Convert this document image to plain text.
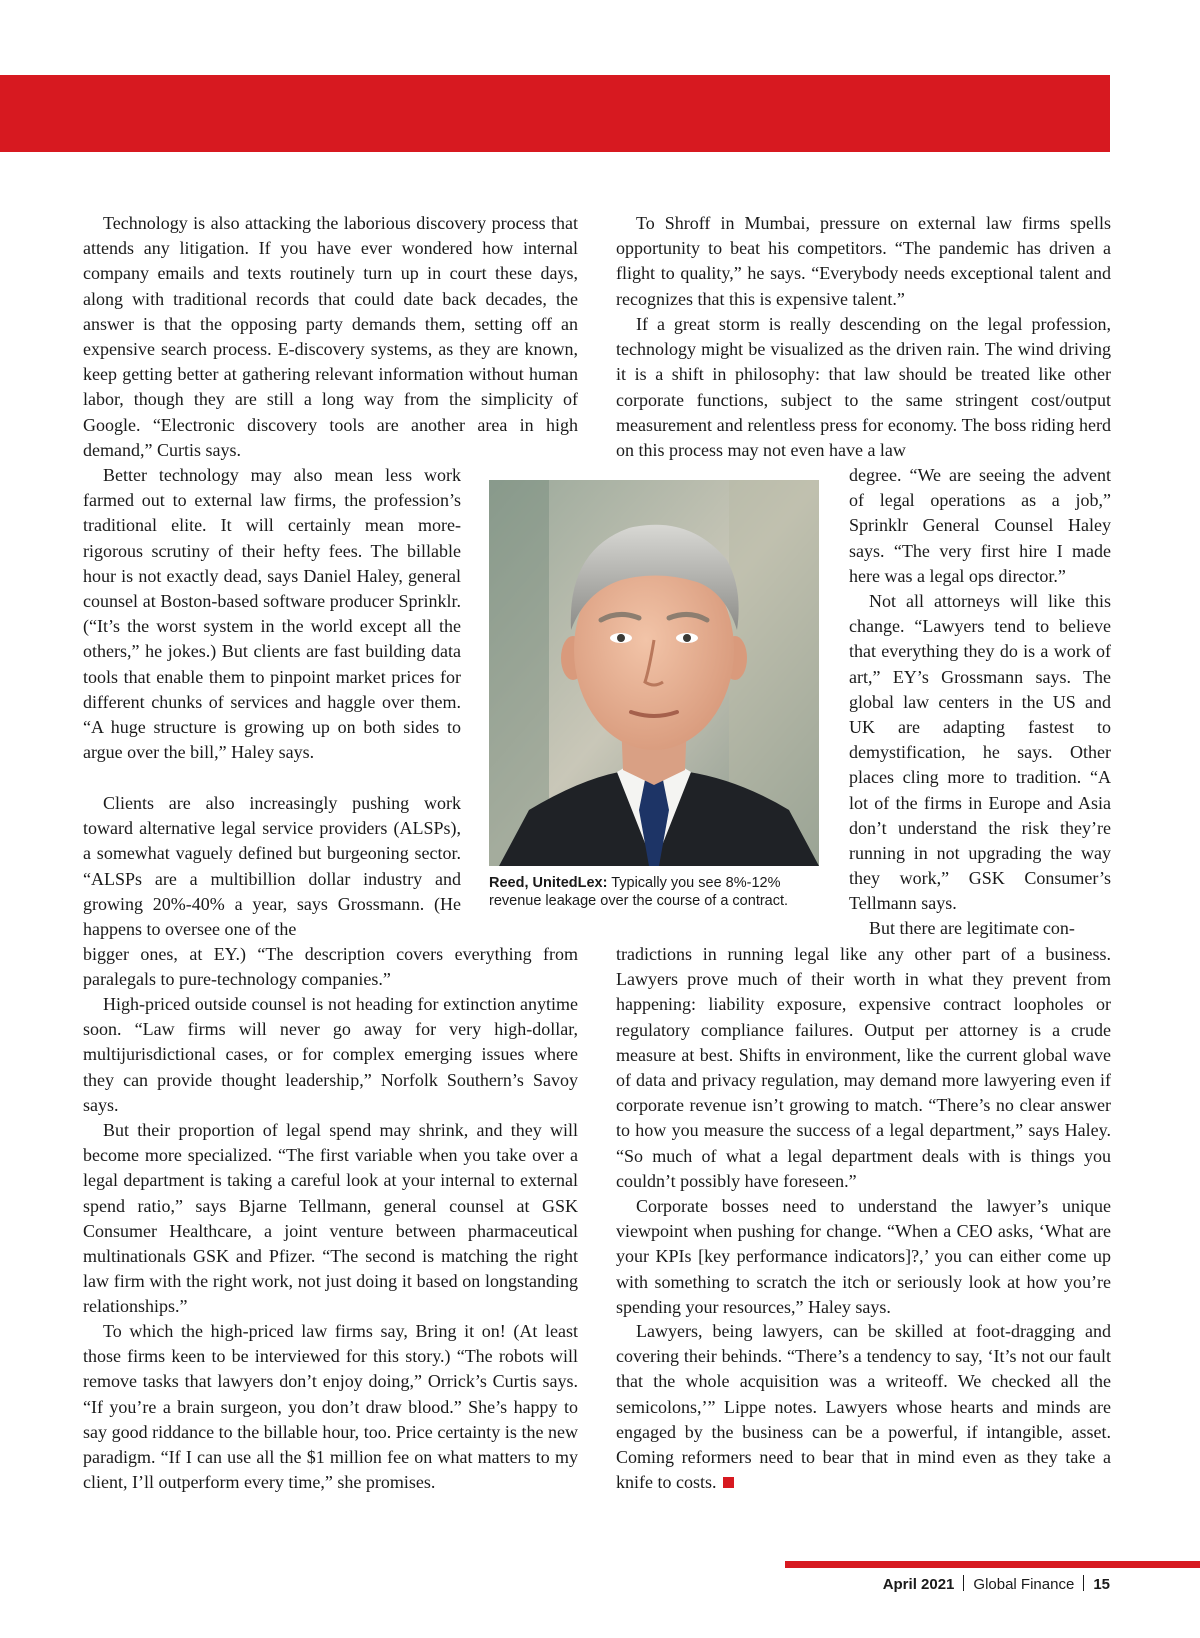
Technology is also attacking the laborious discovery process that attends any litigation. If you have ever wondered how internal company emails and texts routinely turn up in court these days, along with traditional records that could date back decades, the answer is that the opposing party demands them, setting off an expensive search process. E-discovery systems, as they are known, keep getting better at gathering relevant information without human labor, though they are still a long way from the simplicity of Google. “Electronic discovery tools are another area in high demand,” Curtis says.

Better technology may also mean less work farmed out to external law firms, the profession’s traditional elite. It will certainly mean more-rigorous scrutiny of their hefty fees. The billable hour is not exactly dead, says Daniel Haley, general counsel at Boston-based software producer Sprinklr. (“It’s the worst system in the world except all the others,” he jokes.) But clients are fast building data tools that enable them to pinpoint market prices for different chunks of services and haggle over them. “A huge structure is growing up on both sides to argue over the bill,” Haley says.

Clients are also increasingly pushing work toward alternative legal service providers (ALSPs), a somewhat vaguely defined but burgeoning sector. “ALSPs are a multibillion dollar industry and growing 20%-40% a year, says Grossmann. (He happens to oversee one of the

bigger ones, at EY.) “The description covers everything from paralegals to pure-technology companies.”

High-priced outside counsel is not heading for extinction anytime soon. “Law firms will never go away for very high-dollar, multijurisdictional cases, or for complex emerging issues where they can provide thought leadership,” Norfolk Southern’s Savoy says.

But their proportion of legal spend may shrink, and they will become more specialized. “The first variable when you take over a legal department is taking a careful look at your internal to external spend ratio,” says Bjarne Tellmann, general counsel at GSK Consumer Healthcare, a joint venture between pharmaceutical multinationals GSK and Pfizer. “The second is matching the right law firm with the right work, not just doing it based on longstanding relationships.”

To which the high-priced law firms say, Bring it on! (At least those firms keen to be interviewed for this story.) “The robots will remove tasks that lawyers don’t enjoy doing,” Orrick’s Curtis says. “If you’re a brain surgeon, you don’t draw blood.” She’s happy to say good riddance to the billable hour, too. Price certainty is the new paradigm. “If I can use all the $1 million fee on what matters to my client, I’ll outperform every time,” she promises.

To Shroff in Mumbai, pressure on external law firms spells opportunity to beat his competitors. “The pandemic has driven a flight to quality,” he says. “Everybody needs exceptional talent and recognizes that this is expensive talent.”

If a great storm is really descending on the legal profession, technology might be visualized as the driven rain. The wind driving it is a shift in philosophy: that law should be treated like other corporate functions, subject to the same stringent cost/output measurement and relentless press for economy. The boss riding herd on this process may not even have a law

degree. “We are seeing the advent of legal operations as a job,” Sprinklr General Counsel Haley says. “The very first hire I made here was a legal ops director.”

Not all attorneys will like this change. “Lawyers tend to believe that everything they do is a work of art,” EY’s Grossmann says. The global law centers in the US and UK are adapting fastest to demystification, he says. Other places cling more to tradition. “A lot of the firms in Europe and Asia don’t understand the risk they’re running in not upgrading the way they work,” GSK Consumer’s Tellmann says.

But there are legitimate con-

tradictions in running legal like any other part of a business. Lawyers prove much of their worth in what they prevent from happening: liability exposure, expensive contract loopholes or regulatory compliance failures. Output per attorney is a crude measure at best. Shifts in environment, like the current global wave of data and privacy regulation, may demand more lawyering even if corporate revenue isn’t growing to match. “There’s no clear answer to how you measure the success of a legal department,” says Haley. “So much of what a legal department deals with is things you couldn’t possibly have foreseen.”

Corporate bosses need to understand the lawyer’s unique viewpoint when pushing for change. “When a CEO asks, ‘What are your KPIs [key performance indicators]?,’ you can either come up with something to scratch the itch or seriously look at how you’re spending your resources,” Haley says.

Lawyers, being lawyers, can be skilled at foot-dragging and covering their behinds. “There’s a tendency to say, ‘It’s not our fault that the whole acquisition was a writeoff. We checked all the semicolons,’” Lippe notes. Lawyers whose hearts and minds are engaged by the business can be a powerful, if intangible, asset. Coming reformers need to bear that in mind even as they take a knife to costs.

Reed, UnitedLex: Typically you see 8%-12% revenue leakage over the course of a contract.

April 2021 Global Finance 15
